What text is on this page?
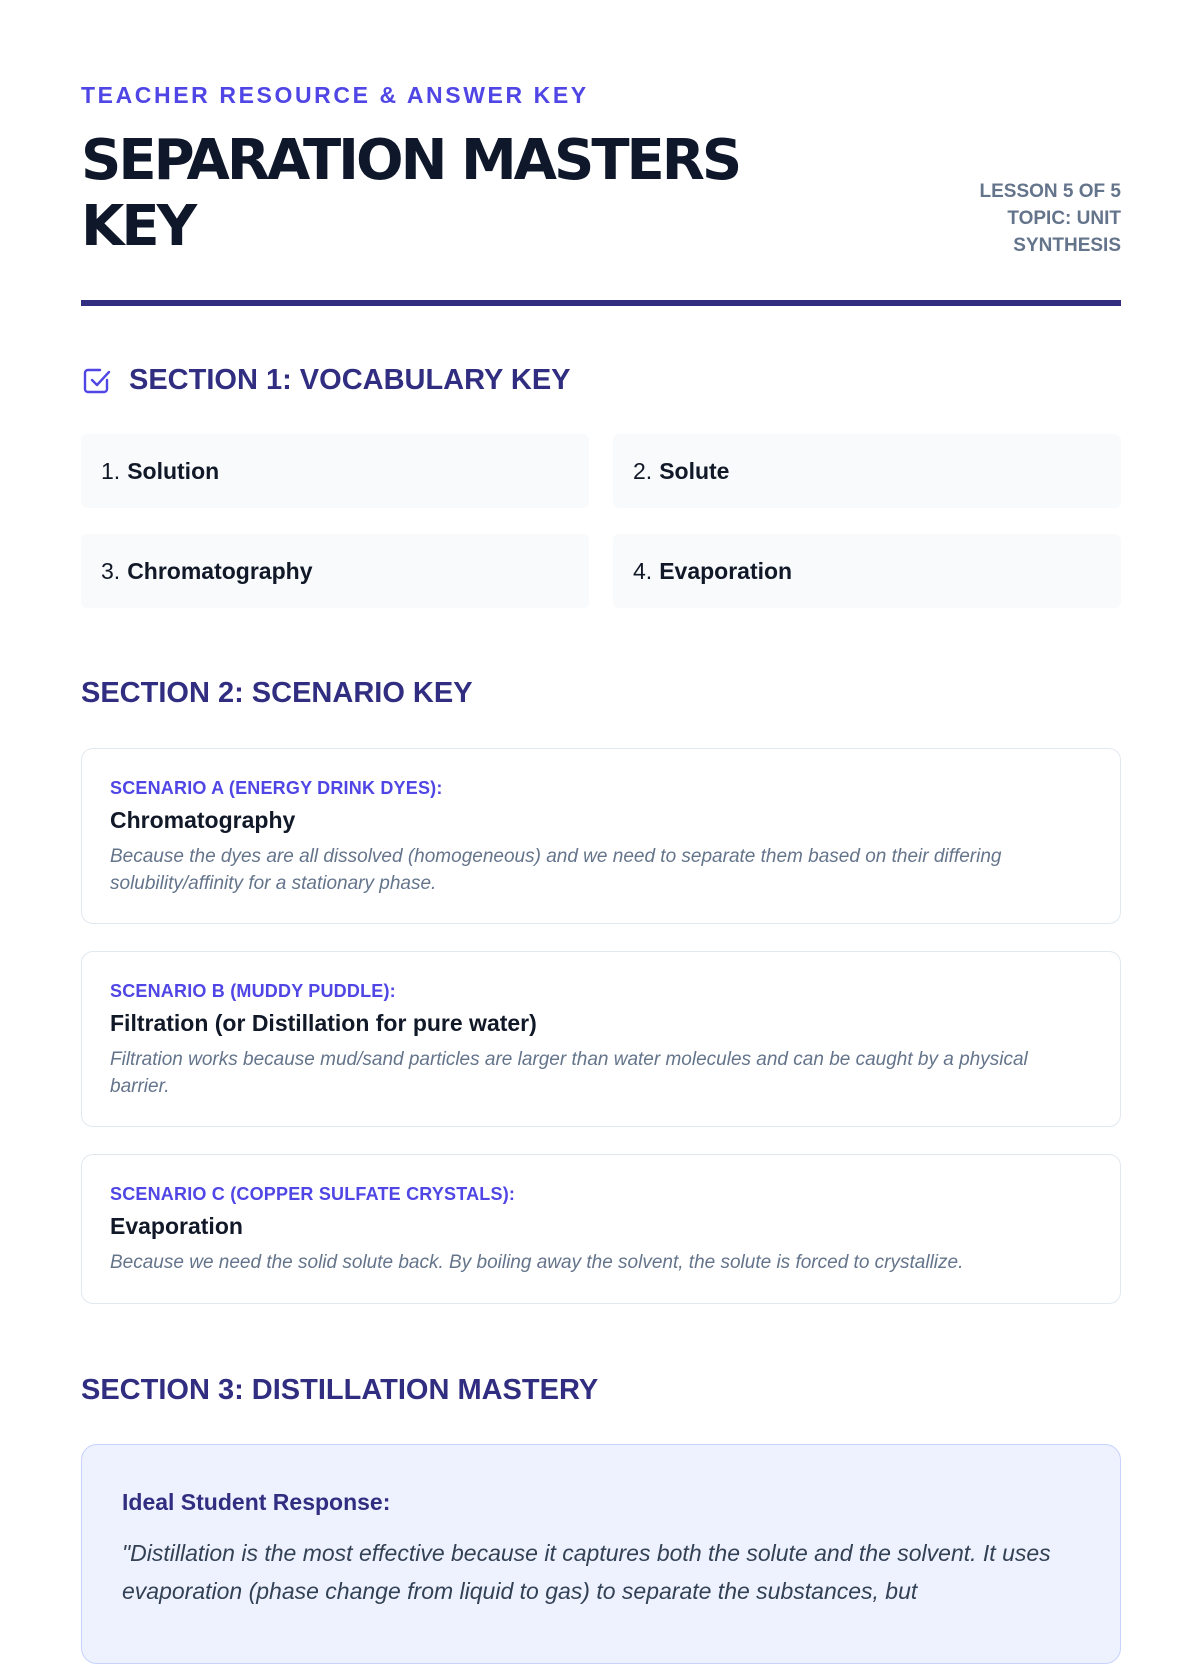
TEACHER RESOURCE & ANSWER KEY
SEPARATION MASTERS KEY
LESSON 5 OF 5
TOPIC: UNIT SYNTHESIS
SECTION 1: VOCABULARY KEY
1. Solution	2. Solute
3. Chromatography	4. Evaporation
SECTION 2: SCENARIO KEY
SCENARIO A (ENERGY DRINK DYES):
Chromatography
Because the dyes are all dissolved (homogeneous) and we need to separate them based on their differing solubility/affinity for a stationary phase.
SCENARIO B (MUDDY PUDDLE):
Filtration (or Distillation for pure water)
Filtration works because mud/sand particles are larger than water molecules and can be caught by a physical barrier.
SCENARIO C (COPPER SULFATE CRYSTALS):
Evaporation
Because we need the solid solute back. By boiling away the solvent, the solute is forced to crystallize.
SECTION 3: DISTILLATION MASTERY
Ideal Student Response:
"Distillation is the most effective because it captures both the solute and the solvent. It uses evaporation (phase change from liquid to gas) to separate the substances, but
